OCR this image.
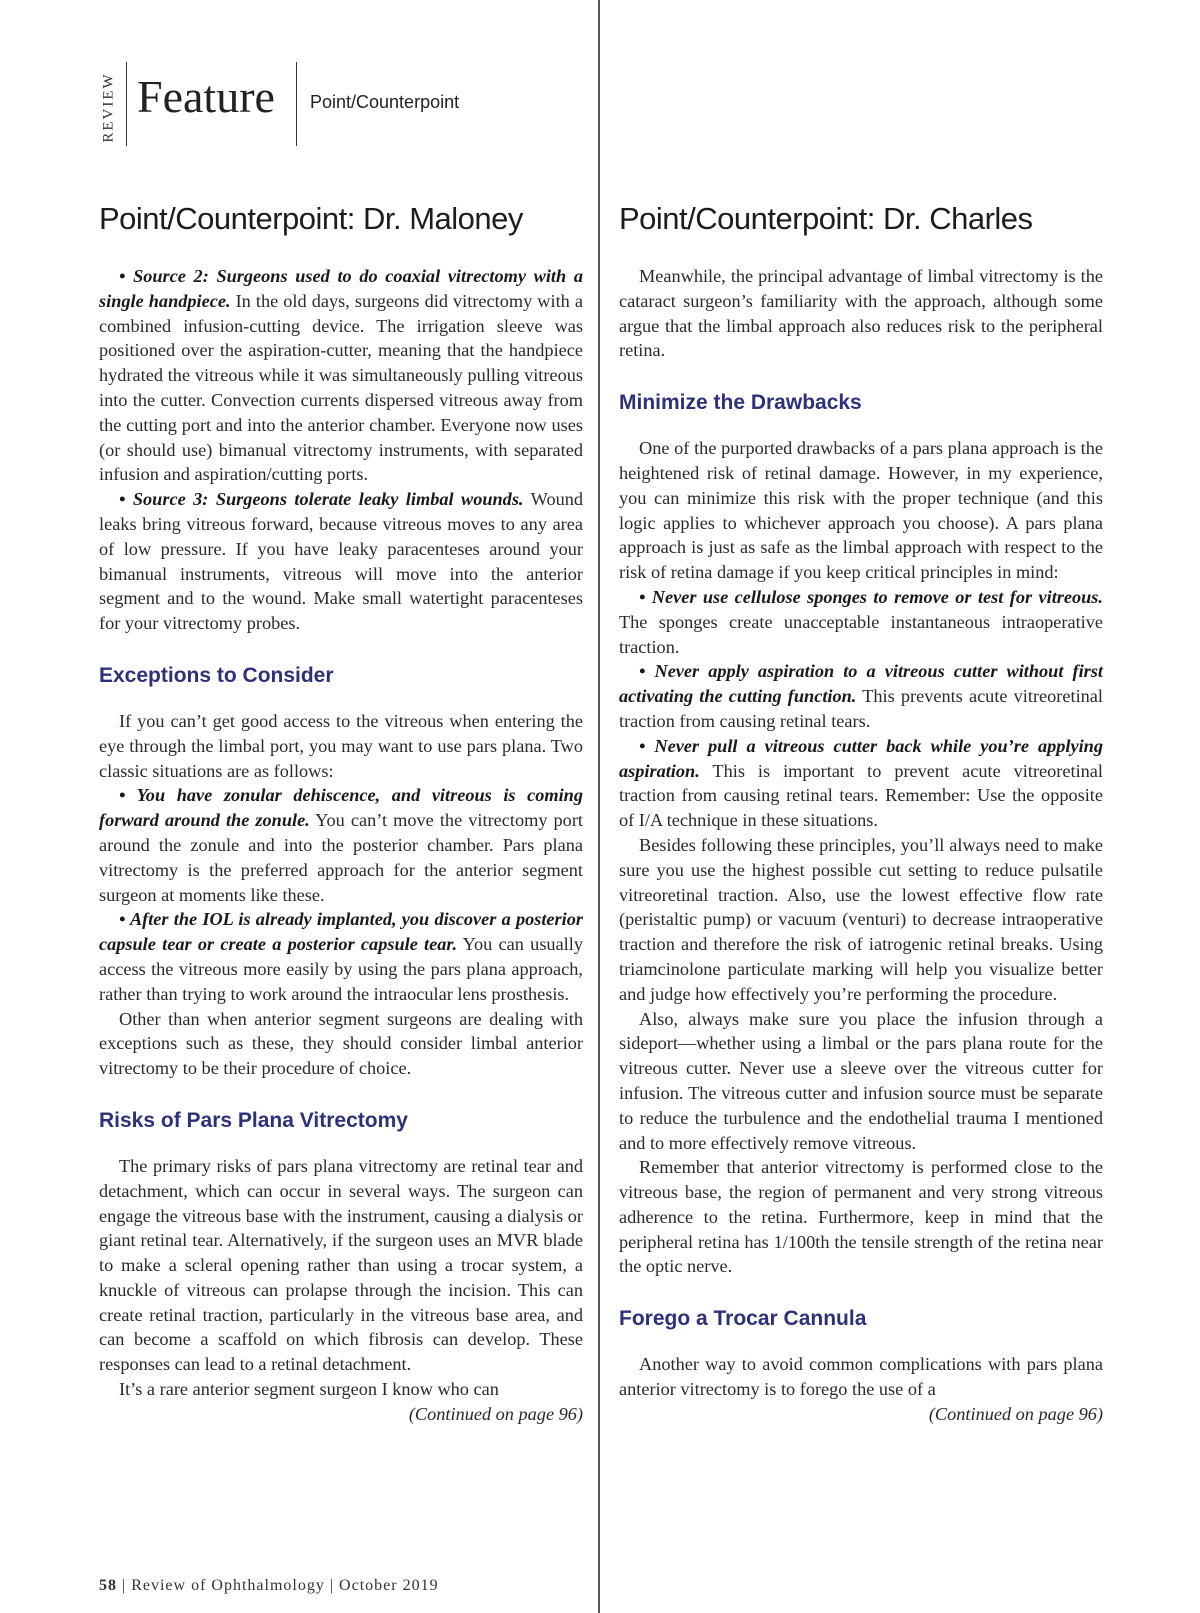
REVIEW Feature Point/Counterpoint
Point/Counterpoint: Dr. Maloney

• Source 2: Surgeons used to do coaxial vitrectomy with a single handpiece. In the old days, surgeons did vitrectomy with a combined infusion-cutting device. The irrigation sleeve was positioned over the aspiration-cutter, meaning that the handpiece hydrated the vitreous while it was simultaneously pulling vitreous into the cutter. Convection currents dispersed vitreous away from the cutting port and into the anterior chamber. Everyone now uses (or should use) bimanual vitrectomy instruments, with separated infusion and aspiration/cutting ports.

• Source 3: Surgeons tolerate leaky limbal wounds. Wound leaks bring vitreous forward, because vitreous moves to any area of low pressure. If you have leaky paracenteses around your bimanual instruments, vitreous will move into the anterior segment and to the wound. Make small watertight paracenteses for your vitrectomy probes.

Exceptions to Consider

If you can’t get good access to the vitreous when entering the eye through the limbal port, you may want to use pars plana. Two classic situations are as follows:

• You have zonular dehiscence, and vitreous is coming forward around the zonule. You can’t move the vitrectomy port around the zonule and into the posterior chamber. Pars plana vitrectomy is the preferred approach for the anterior segment surgeon at moments like these.

• After the IOL is already implanted, you discover a posterior capsule tear or create a posterior capsule tear. You can usually access the vitreous more easily by using the pars plana approach, rather than trying to work around the intraocular lens prosthesis.

Other than when anterior segment surgeons are dealing with exceptions such as these, they should consider limbal anterior vitrectomy to be their procedure of choice.

Risks of Pars Plana Vitrectomy

The primary risks of pars plana vitrectomy are retinal tear and detachment, which can occur in several ways. The surgeon can engage the vitreous base with the instrument, causing a dialysis or giant retinal tear. Alternatively, if the surgeon uses an MVR blade to make a scleral opening rather than using a trocar system, a knuckle of vitreous can prolapse through the incision. This can create retinal traction, particularly in the vitreous base area, and can become a scaffold on which fibrosis can develop. These responses can lead to a retinal detachment.

It’s a rare anterior segment surgeon I know who can

(Continued on page 96)
Point/Counterpoint: Dr. Charles

Meanwhile, the principal advantage of limbal vitrectomy is the cataract surgeon’s familiarity with the approach, although some argue that the limbal approach also reduces risk to the peripheral retina.

Minimize the Drawbacks

One of the purported drawbacks of a pars plana approach is the heightened risk of retinal damage. However, in my experience, you can minimize this risk with the proper technique (and this logic applies to whichever approach you choose). A pars plana approach is just as safe as the limbal approach with respect to the risk of retina damage if you keep critical principles in mind:

• Never use cellulose sponges to remove or test for vitreous. The sponges create unacceptable instantaneous intraoperative traction.

• Never apply aspiration to a vitreous cutter without first activating the cutting function. This prevents acute vitreoretinal traction from causing retinal tears.

• Never pull a vitreous cutter back while you’re applying aspiration. This is important to prevent acute vitreoretinal traction from causing retinal tears. Remember: Use the opposite of I/A technique in these situations.

Besides following these principles, you’ll always need to make sure you use the highest possible cut setting to reduce pulsatile vitreoretinal traction. Also, use the lowest effective flow rate (peristaltic pump) or vacuum (venturi) to decrease intraoperative traction and therefore the risk of iatrogenic retinal breaks. Using triamcinolone particulate marking will help you visualize better and judge how effectively you’re performing the procedure.

Also, always make sure you place the infusion through a sideport—whether using a limbal or the pars plana route for the vitreous cutter. Never use a sleeve over the vitreous cutter for infusion. The vitreous cutter and infusion source must be separate to reduce the turbulence and the endothelial trauma I mentioned and to more effectively remove vitreous.

Remember that anterior vitrectomy is performed close to the vitreous base, the region of permanent and very strong vitreous adherence to the retina. Furthermore, keep in mind that the peripheral retina has 1/100th the tensile strength of the retina near the optic nerve.

Forego a Trocar Cannula

Another way to avoid common complications with pars plana anterior vitrectomy is to forego the use of a

(Continued on page 96)
58 | Review of Ophthalmology | October 2019
